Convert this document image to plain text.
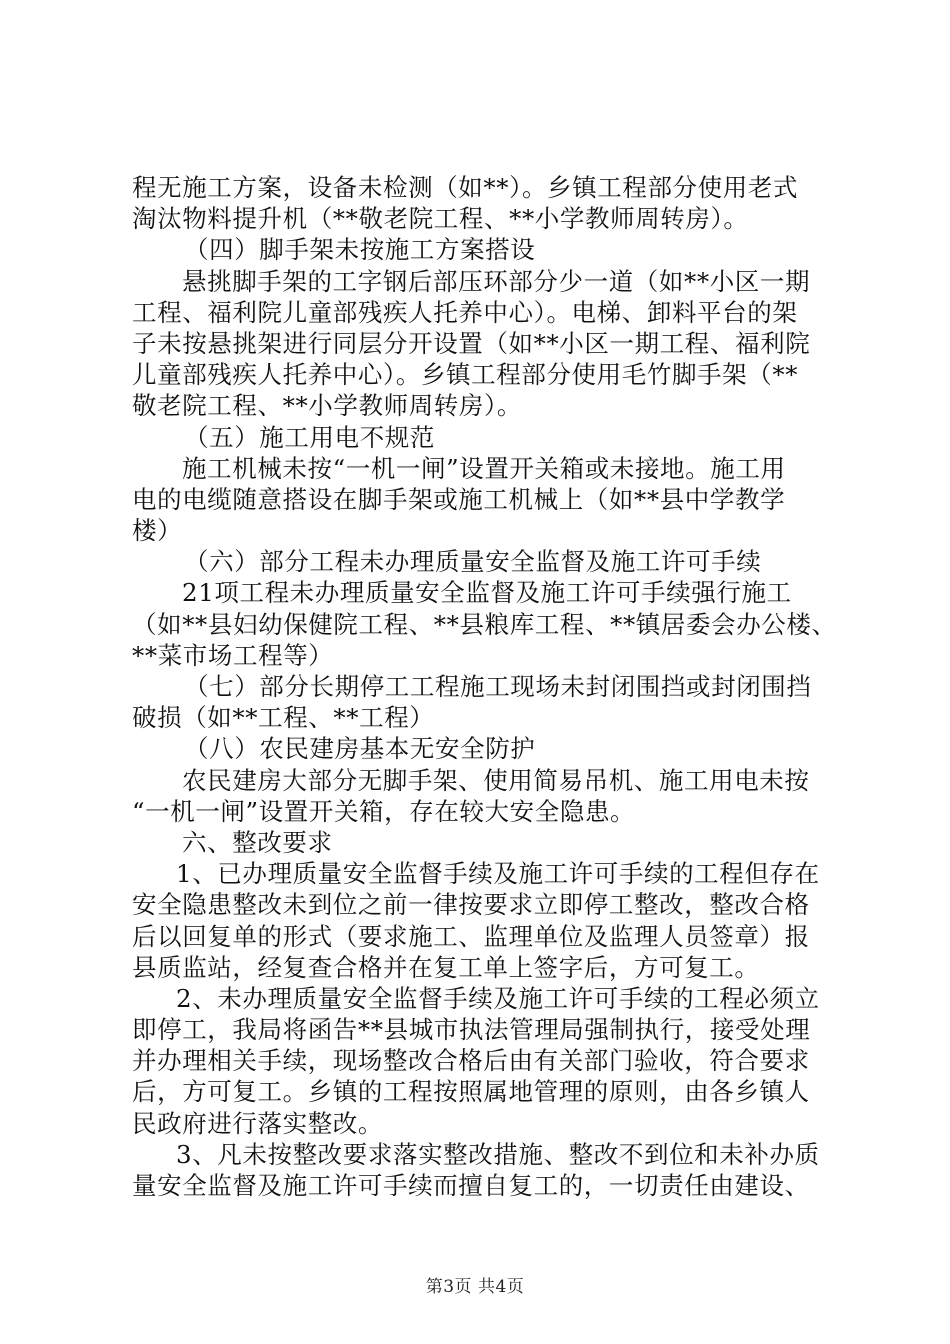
程无施工方案，设备未检测（如**）。乡镇工程部分使用老式
淘汰物料提升机（**敬老院工程、**小学教师周转房）。
（四）脚手架未按施工方案搭设
悬挑脚手架的工字钢后部压环部分少一道（如**小区一期
工程、福利院儿童部残疾人托养中心）。电梯、卸料平台的架
子未按悬挑架进行同层分开设置（如**小区一期工程、福利院
儿童部残疾人托养中心）。乡镇工程部分使用毛竹脚手架（**
敬老院工程、**小学教师周转房）。
（五）施工用电不规范
施工机械未按“一机一闸”设置开关箱或未接地。施工用
电的电缆随意搭设在脚手架或施工机械上（如**县中学教学
楼）
（六）部分工程未办理质量安全监督及施工许可手续
21项工程未办理质量安全监督及施工许可手续强行施工
（如**县妇幼保健院工程、**县粮库工程、**镇居委会办公楼、
**菜市场工程等）
（七）部分长期停工工程施工现场未封闭围挡或封闭围挡
破损（如**工程、**工程）
（八）农民建房基本无安全防护
农民建房大部分无脚手架、使用简易吊机、施工用电未按
“一机一闸”设置开关箱，存在较大安全隐患。
六、整改要求
1、已办理质量安全监督手续及施工许可手续的工程但存在
安全隐患整改未到位之前一律按要求立即停工整改，整改合格
后以回复单的形式（要求施工、监理单位及监理人员签章）报
县质监站，经复查合格并在复工单上签字后，方可复工。
2、未办理质量安全监督手续及施工许可手续的工程必须立
即停工，我局将函告**县城市执法管理局强制执行，接受处理
并办理相关手续，现场整改合格后由有关部门验收，符合要求
后，方可复工。乡镇的工程按照属地管理的原则，由各乡镇人
民政府进行落实整改。
3、凡未按整改要求落实整改措施、整改不到位和未补办质
量安全监督及施工许可手续而擅自复工的，一切责任由建设、
第3页 共4页
